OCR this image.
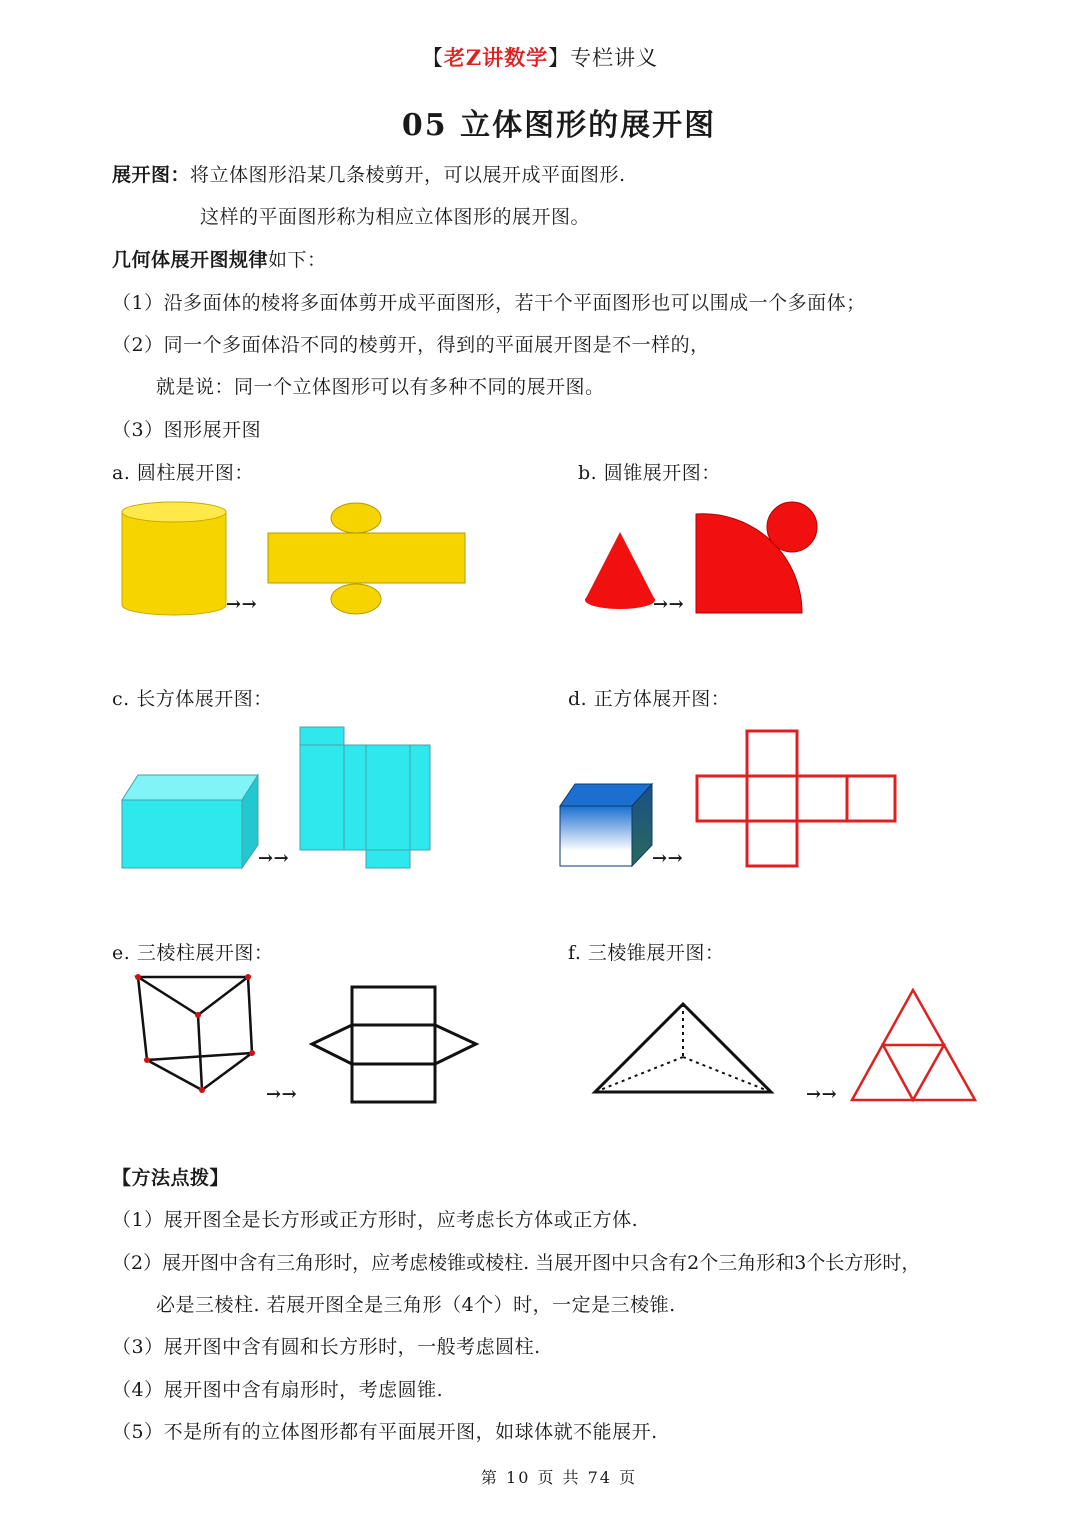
【老Z讲数学】专栏讲义
05 立体图形的展开图
展开图：将立体图形沿某几条棱剪开，可以展开成平面图形.
这样的平面图形称为相应立体图形的展开图。
几何体展开图规律如下：
（1）沿多面体的棱将多面体剪开成平面图形，若干个平面图形也可以围成一个多面体；
（2）同一个多面体沿不同的棱剪开，得到的平面展开图是不一样的，
就是说：同一个立体图形可以有多种不同的展开图。
（3）图形展开图
a. 圆柱展开图：	b. 圆锥展开图：
c. 长方体展开图：	d. 正方体展开图：
e. 三棱柱展开图：	f. 三棱锥展开图：
→→	→→
→→	→→
→→	→→
【方法点拨】
（1）展开图全是长方形或正方形时，应考虑长方体或正方体.
（2）展开图中含有三角形时，应考虑棱锥或棱柱. 当展开图中只含有2个三角形和3个长方形时，
必是三棱柱. 若展开图全是三角形（4个）时，一定是三棱锥.
（3）展开图中含有圆和长方形时，一般考虑圆柱.
（4）展开图中含有扇形时，考虑圆锥.
（5）不是所有的立体图形都有平面展开图，如球体就不能展开.
第 10 页 共 74 页
